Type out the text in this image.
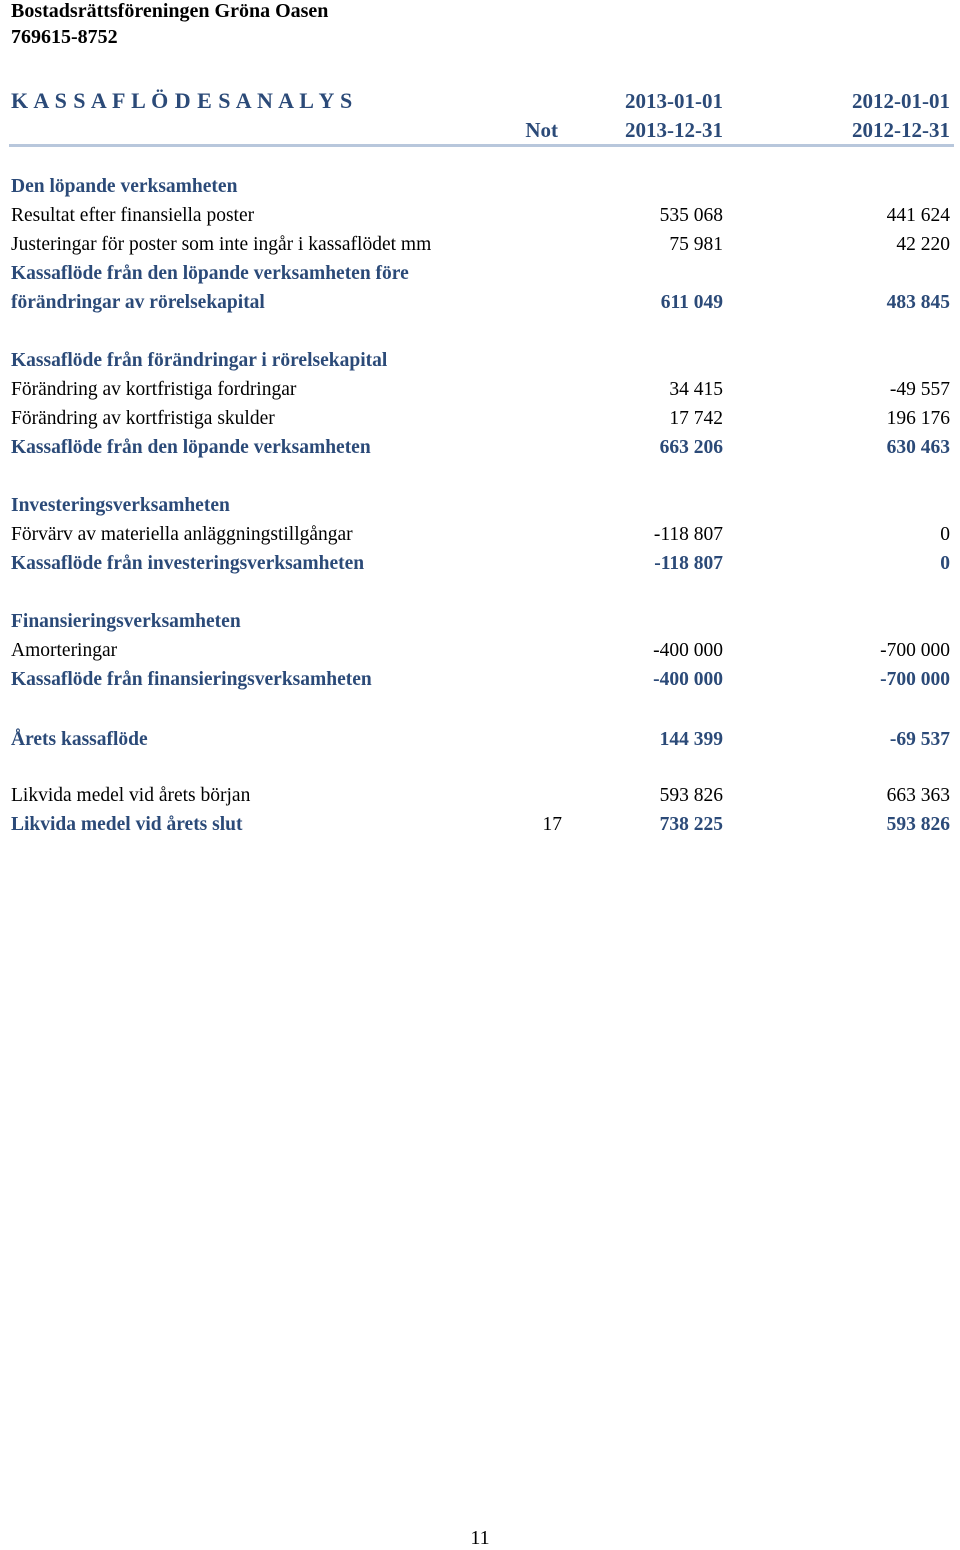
Bostadsrättsföreningen Gröna Oasen
769615-8752
K A S S A F L Ö D E S A N A L Y S	2013-01-01	2012-01-01
Not	2013-12-31	2012-12-31
Den löpande verksamheten
Resultat efter finansiella poster	535 068	441 624
Justeringar för poster som inte ingår i kassaflödet mm	75 981	42 220
Kassaflöde från den löpande verksamheten före
förändringar av rörelsekapital	611 049	483 845
Kassaflöde från förändringar i rörelsekapital
Förändring av kortfristiga fordringar	34 415	-49 557
Förändring av kortfristiga skulder	17 742	196 176
Kassaflöde från den löpande verksamheten	663 206	630 463
Investeringsverksamheten
Förvärv av materiella anläggningstillgångar	-118 807	0
Kassaflöde från investeringsverksamheten	-118 807	0
Finansieringsverksamheten
Amorteringar	-400 000	-700 000
Kassaflöde från finansieringsverksamheten	-400 000	-700 000
Årets kassaflöde	144 399	-69 537
Likvida medel vid årets början	593 826	663 363
Likvida medel vid årets slut	17	738 225	593 826
11
